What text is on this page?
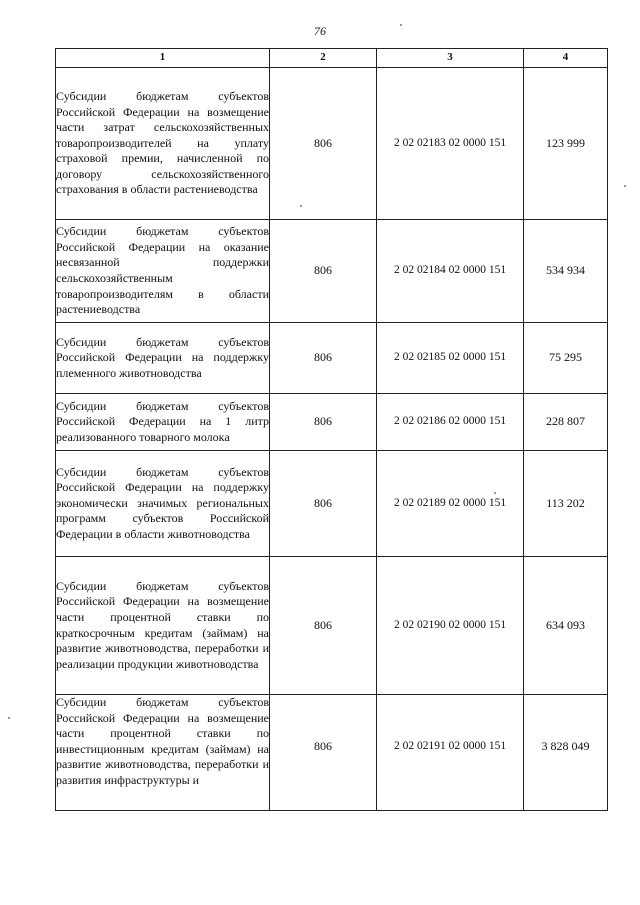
76
1	2	3	4
Субсидии бюджетам субъектов Российской Федерации на возмещение части затрат сельскохозяйственных товаропроизводителей на уплату страховой премии, начисленной по договору сельскохозяйственного страхования в области растениеводства	806	2 02 02183 02 0000 151	123 999
Субсидии бюджетам субъектов Российской Федерации на оказание несвязанной поддержки сельскохозяйственным товаропроизводителям в области растениеводства	806	2 02 02184 02 0000 151	534 934
Субсидии бюджетам субъектов Российской Федерации на поддержку племенного животноводства	806	2 02 02185 02 0000 151	75 295
Субсидии бюджетам субъектов Российской Федерации на 1 литр реализованного товарного молока	806	2 02 02186 02 0000 151	228 807
Субсидии бюджетам субъектов Российской Федерации на поддержку экономически значимых региональных программ субъектов Российской Федерации в области животноводства	806	2 02 02189 02 0000 151	113 202
Субсидии бюджетам субъектов Российской Федерации на возмещение части процентной ставки по краткосрочным кредитам (займам) на развитие животноводства, переработки и реализации продукции животноводства	806	2 02 02190 02 0000 151	634 093
Субсидии бюджетам субъектов Российской Федерации на возмещение части процентной ставки по инвестиционным кредитам (займам) на развитие животноводства, переработки и развития инфраструктуры и	806	2 02 02191 02 0000 151	3 828 049
